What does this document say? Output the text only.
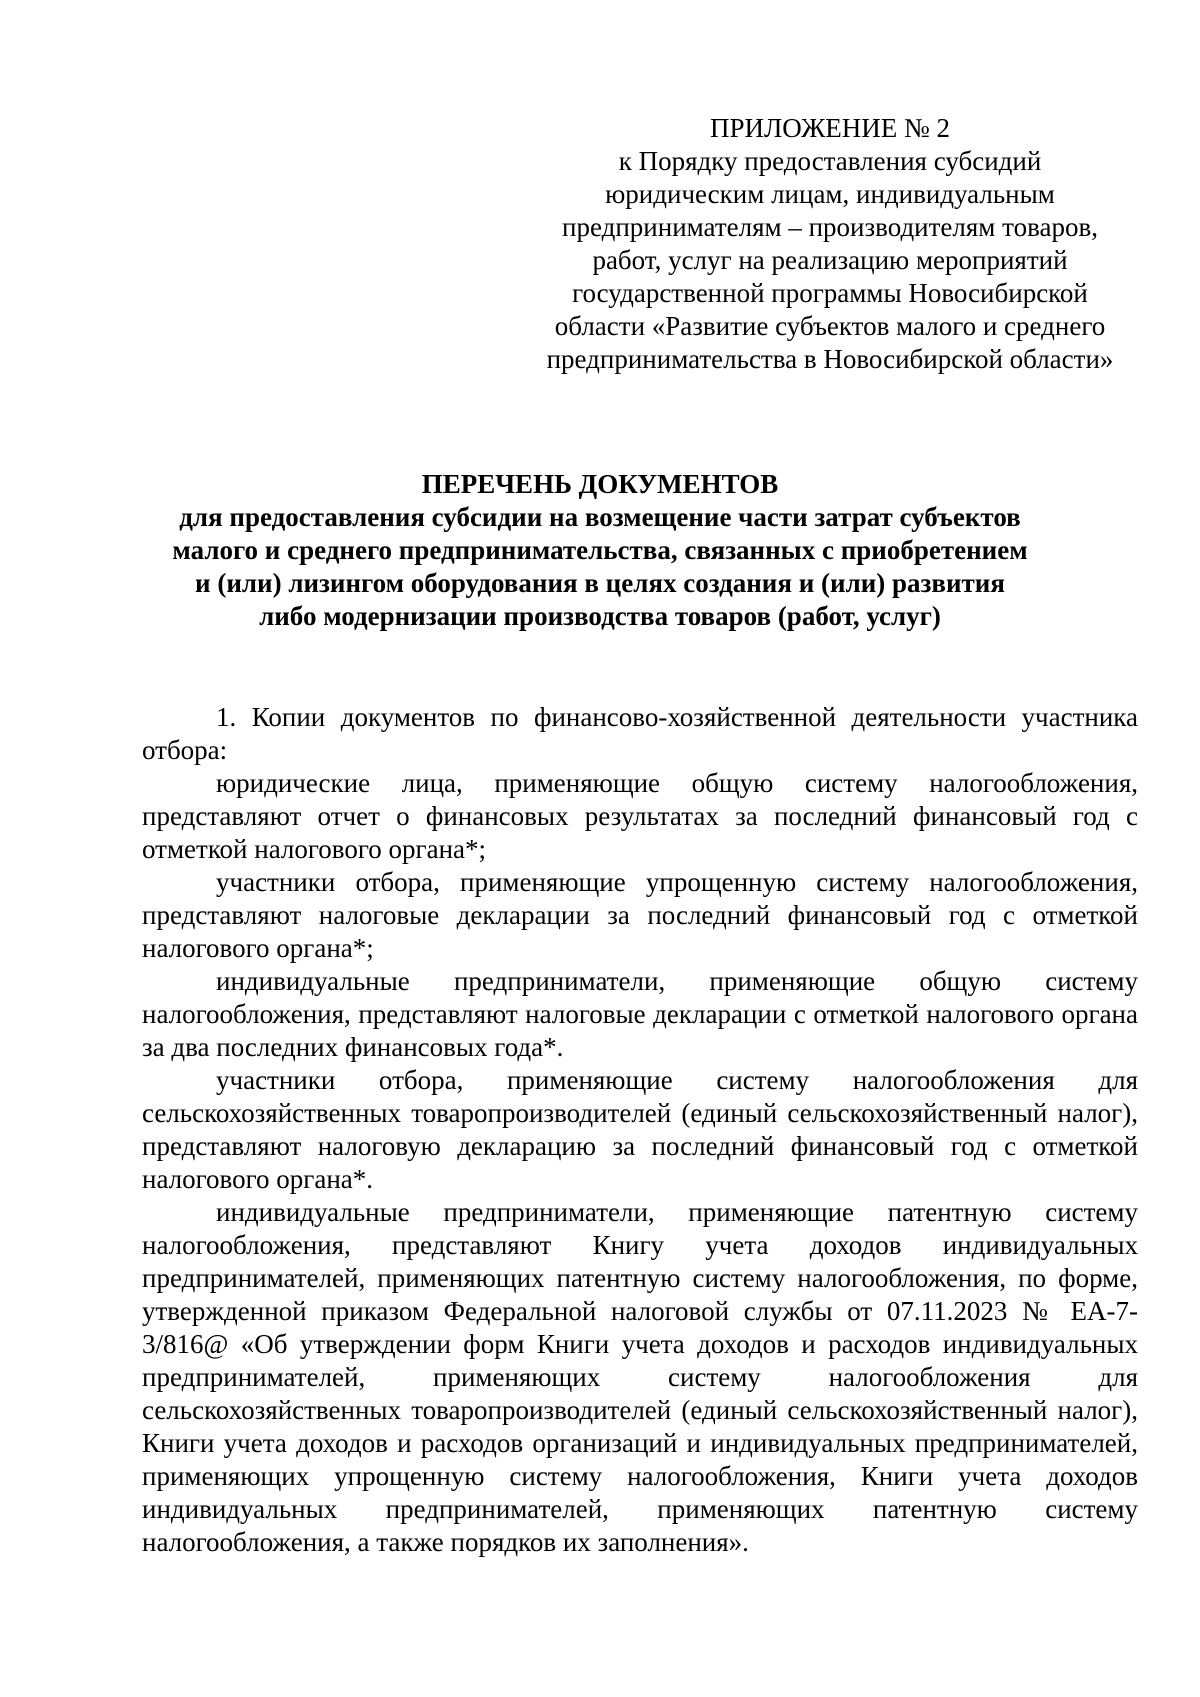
ПРИЛОЖЕНИЕ № 2
к Порядку предоставления субсидий
юридическим лицам, индивидуальным
предпринимателям – производителям товаров,
работ, услуг на реализацию мероприятий
государственной программы Новосибирской
области «Развитие субъектов малого и среднего
предпринимательства в Новосибирской области»
ПЕРЕЧЕНЬ ДОКУМЕНТОВ
для предоставления субсидии на возмещение части затрат субъектов
малого и среднего предпринимательства, связанных с приобретением
и (или) лизингом оборудования в целях создания и (или) развития
либо модернизации производства товаров (работ, услуг)

1. Копии документов по финансово-хозяйственной деятельности участника отбора:

юридические лица, применяющие общую систему налогообложения, представляют отчет о финансовых результатах за последний финансовый год с отметкой налогового органа*;

участники отбора, применяющие упрощенную систему налогообложения, представляют налоговые декларации за последний финансовый год с отметкой налогового органа*;

индивидуальные предприниматели, применяющие общую систему налогообложения, представляют налоговые декларации с отметкой налогового органа за два последних финансовых года*.

участники отбора, применяющие систему налогообложения для сельскохозяйственных товаропроизводителей (единый сельскохозяйственный налог), представляют налоговую декларацию за последний финансовый год с отметкой налогового органа*.

индивидуальные предприниматели, применяющие патентную систему налогообложения, представляют Книгу учета доходов индивидуальных предпринимателей, применяющих патентную систему налогообложения, по форме, утвержденной приказом Федеральной налоговой службы от 07.11.2023 № ЕА-7-3/816@ «Об утверждении форм Книги учета доходов и расходов индивидуальных предпринимателей, применяющих систему налогообложения для сельскохозяйственных товаропроизводителей (единый сельскохозяйственный налог), Книги учета доходов и расходов организаций и индивидуальных предпринимателей, применяющих упрощенную систему налогообложения, Книги учета доходов индивидуальных предпринимателей, применяющих патентную систему налогообложения, а также порядков их заполнения».
